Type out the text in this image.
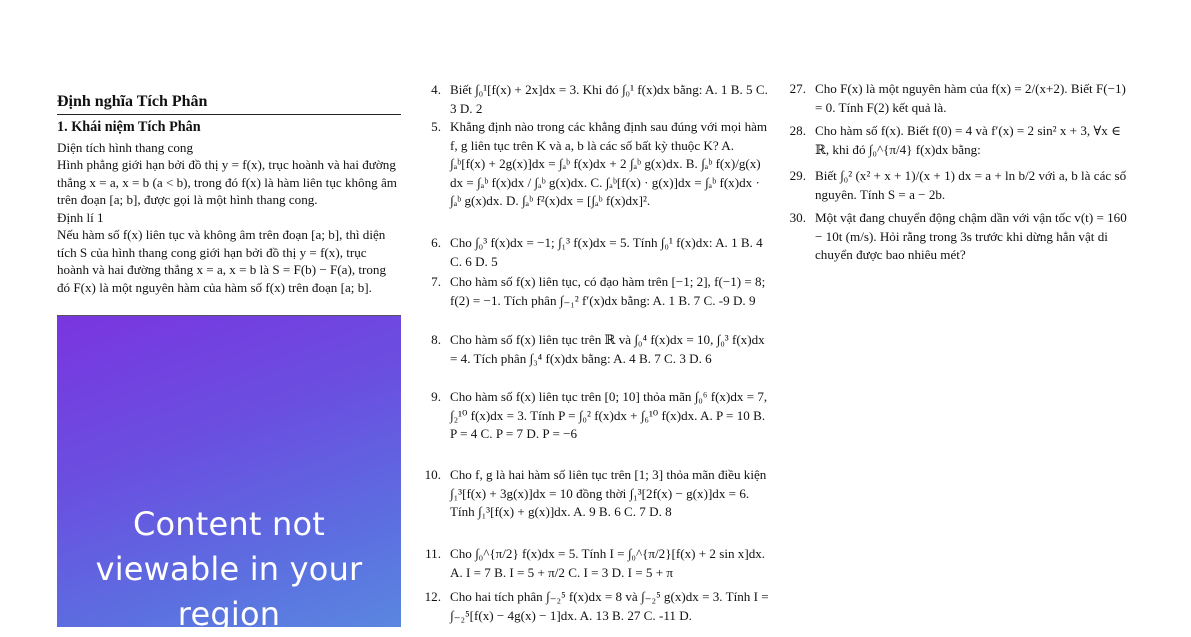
Định nghĩa Tích Phân
1. Khái niệm Tích Phân
Diện tích hình thang cong
Hình phẳng giới hạn bởi đồ thị y = f(x), trục hoành và hai đường thẳng x = a, x = b (a < b), trong đó f(x) là hàm liên tục không âm trên đoạn [a; b], được gọi là một hình thang cong.
Định lí 1
Nếu hàm số f(x) liên tục và không âm trên đoạn [a; b], thì diện tích S của hình thang cong giới hạn bởi đồ thị y = f(x), trục hoành và hai đường thẳng x = a, x = b là S = F(b) − F(a), trong đó F(x) là một nguyên hàm của hàm số f(x) trên đoạn [a; b].
Content not viewable in your region
4. Biết ∫₀¹[f(x) + 2x]dx = 3. Khi đó ∫₀¹ f(x)dx bằng: A. 1 B. 5 C. 3 D. 2
5. Khẳng định nào trong các khẳng định sau đúng với mọi hàm f, g liên tục trên K và a, b là các số bất kỳ thuộc K? A. ∫ₐᵇ[f(x) + 2g(x)]dx = ∫ₐᵇ f(x)dx + 2 ∫ₐᵇ g(x)dx. B. ∫ₐᵇ f(x)/g(x) dx = ∫ₐᵇ f(x)dx / ∫ₐᵇ g(x)dx. C. ∫ₐᵇ[f(x) · g(x)]dx = ∫ₐᵇ f(x)dx · ∫ₐᵇ g(x)dx. D. ∫ₐᵇ f²(x)dx = [∫ₐᵇ f(x)dx]².
6. Cho ∫₀³ f(x)dx = −1; ∫₁³ f(x)dx = 5. Tính ∫₀¹ f(x)dx: A. 1 B. 4 C. 6 D. 5
7. Cho hàm số f(x) liên tục, có đạo hàm trên [−1; 2], f(−1) = 8; f(2) = −1. Tích phân ∫₋₁² f′(x)dx bằng: A. 1 B. 7 C. -9 D. 9
8. Cho hàm số f(x) liên tục trên ℝ và ∫₀⁴ f(x)dx = 10, ∫₀³ f(x)dx = 4. Tích phân ∫₃⁴ f(x)dx bằng: A. 4 B. 7 C. 3 D. 6
9. Cho hàm số f(x) liên tục trên [0; 10] thỏa mãn ∫₀⁶ f(x)dx = 7, ∫₂¹⁰ f(x)dx = 3. Tính P = ∫₀² f(x)dx + ∫₆¹⁰ f(x)dx. A. P = 10 B. P = 4 C. P = 7 D. P = −6
10. Cho f, g là hai hàm số liên tục trên [1; 3] thỏa mãn điều kiện ∫₁³[f(x) + 3g(x)]dx = 10 đồng thời ∫₁³[2f(x) − g(x)]dx = 6. Tính ∫₁³[f(x) + g(x)]dx. A. 9 B. 6 C. 7 D. 8
11. Cho ∫₀^{π/2} f(x)dx = 5. Tính I = ∫₀^{π/2}[f(x) + 2 sin x]dx. A. I = 7 B. I = 5 + π/2 C. I = 3 D. I = 5 + π
12. Cho hai tích phân ∫₋₂⁵ f(x)dx = 8 và ∫₋₂⁵ g(x)dx = 3. Tính I = ∫₋₂⁵[f(x) − 4g(x) − 1]dx. A. 13 B. 27 C. -11 D.
27. Cho F(x) là một nguyên hàm của f(x) = 2/(x+2). Biết F(−1) = 0. Tính F(2) kết quả là.
28. Cho hàm số f(x). Biết f(0) = 4 và f′(x) = 2 sin² x + 3, ∀x ∈ ℝ, khi đó ∫₀^{π/4} f(x)dx bằng:
29. Biết ∫₀² (x² + x + 1)/(x + 1) dx = a + ln b/2 với a, b là các số nguyên. Tính S = a − 2b.
30. Một vật đang chuyển động chậm dần với vận tốc v(t) = 160 − 10t (m/s). Hỏi rằng trong 3s trước khi dừng hẳn vật di chuyển được bao nhiêu mét?
